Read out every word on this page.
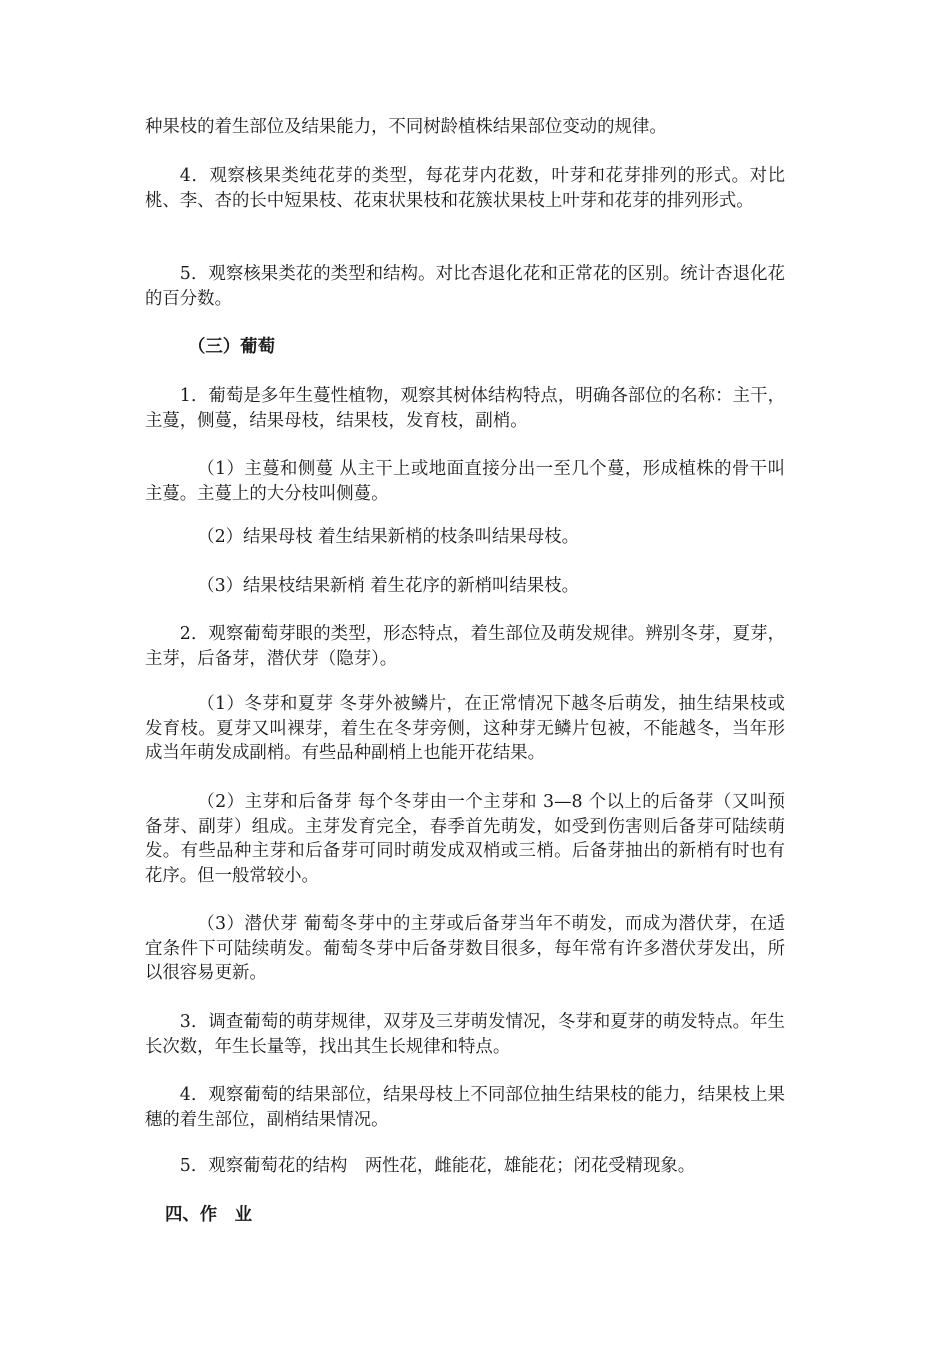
种果枝的着生部位及结果能力，不同树龄植株结果部位变动的规律。

4．观察核果类纯花芽的类型，每花芽内花数，叶芽和花芽排列的形式。对比桃、李、杏的长中短果枝、花束状果枝和花簇状果枝上叶芽和花芽的排列形式。

5．观察核果类花的类型和结构。对比杏退化花和正常花的区别。统计杏退化花的百分数。

（三）葡萄

1．葡萄是多年生蔓性植物，观察其树体结构特点，明确各部位的名称：主干，主蔓，侧蔓，结果母枝，结果枝，发育枝，副梢。

（1）主蔓和侧蔓 从主干上或地面直接分出一至几个蔓，形成植株的骨干叫主蔓。主蔓上的大分枝叫侧蔓。

（2）结果母枝 着生结果新梢的枝条叫结果母枝。

（3）结果枝结果新梢 着生花序的新梢叫结果枝。

2．观察葡萄芽眼的类型，形态特点，着生部位及萌发规律。辨别冬芽，夏芽，主芽，后备芽，潜伏芽（隐芽）。

（1）冬芽和夏芽 冬芽外被鳞片，在正常情况下越冬后萌发，抽生结果枝或发育枝。夏芽又叫裸芽，着生在冬芽旁侧，这种芽无鳞片包被，不能越冬，当年形成当年萌发成副梢。有些品种副梢上也能开花结果。

（2）主芽和后备芽 每个冬芽由一个主芽和 3—8 个以上的后备芽（又叫预备芽、副芽）组成。主芽发育完全，春季首先萌发，如受到伤害则后备芽可陆续萌发。有些品种主芽和后备芽可同时萌发成双梢或三梢。后备芽抽出的新梢有时也有花序。但一般常较小。

（3）潜伏芽 葡萄冬芽中的主芽或后备芽当年不萌发，而成为潜伏芽，在适宜条件下可陆续萌发。葡萄冬芽中后备芽数目很多，每年常有许多潜伏芽发出，所以很容易更新。

3．调查葡萄的萌芽规律，双芽及三芽萌发情况，冬芽和夏芽的萌发特点。年生长次数，年生长量等，找出其生长规律和特点。

4．观察葡萄的结果部位，结果母枝上不同部位抽生结果枝的能力，结果枝上果穗的着生部位，副梢结果情况。

5．观察葡萄花的结构　两性花，雌能花，雄能花；闭花受精现象。

四、作　业
